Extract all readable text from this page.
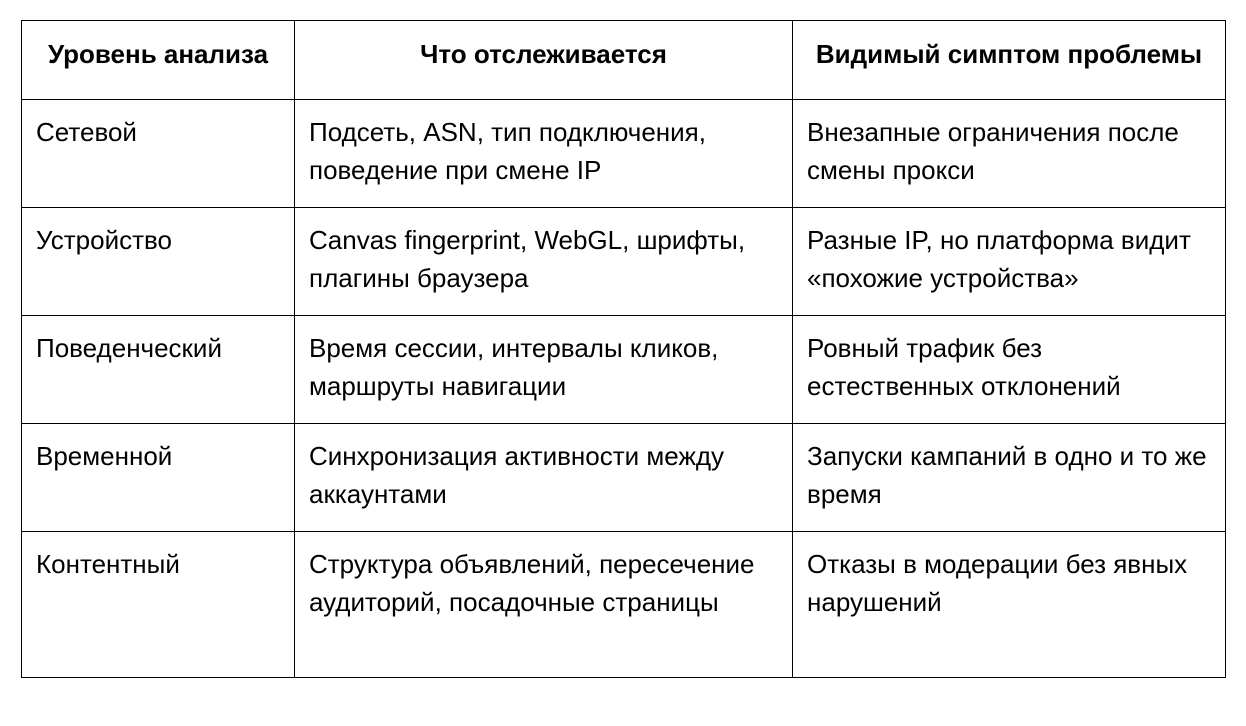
Уровень анализа	Что отслеживается	Видимый симптом проблемы
Сетевой	Подсеть, ASN, тип подключения, поведение при смене IP	Внезапные ограничения после смены прокси
Устройство	Canvas fingerprint, WebGL, шрифты, плагины браузера	Разные IP, но платформа видит «похожие устройства»
Поведенческий	Время сессии, интервалы кликов, маршруты навигации	Ровный трафик без естественных отклонений
Временной	Синхронизация активности между аккаунтами	Запуски кампаний в одно и то же время
Контентный	Структура объявлений, пересечение аудиторий, посадочные страницы	Отказы в модерации без явных нарушений
